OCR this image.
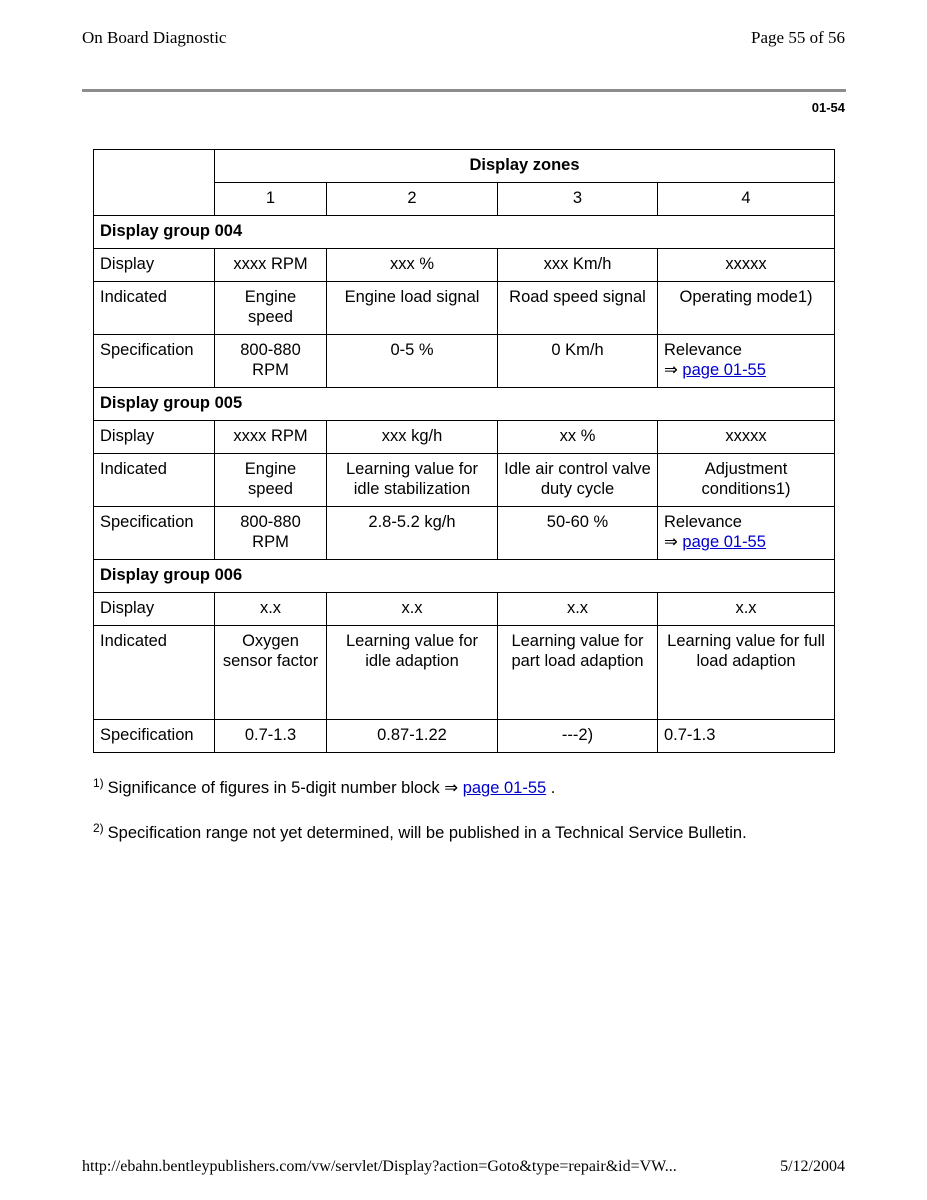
On Board Diagnostic	Page 55 of 56
01-54
	Display zones			
	1	2	3	4
Display group 004				
Display	xxxx RPM	xxx %	xxx Km/h	xxxxx
Indicated	Engine speed	Engine load signal	Road speed signal	Operating mode1)
Specification	800-880 RPM	0-5 %	0 Km/h	Relevance
⇒ page 01-55
Display group 005				
Display	xxxx RPM	xxx kg/h	xx %	xxxxx
Indicated	Engine speed	Learning value for idle stabilization	Idle air control valve duty cycle	Adjustment conditions1)
Specification	800-880 RPM	2.8-5.2 kg/h	50-60 %	Relevance
⇒ page 01-55
Display group 006				
Display	x.x	x.x	x.x	x.x
Indicated	Oxygen sensor factor	Learning value for idle adaption	Learning value for part load adaption	Learning value for full load adaption
Specification	0.7-1.3	0.87-1.22	---2)	0.7-1.3
$^{1)}$ Significance of figures in 5-digit number block ⇒ page 01-55 .
$^{2)}$ Specification range not yet determined, will be published in a Technical Service Bulletin.
http://ebahn.bentleypublishers.com/vw/servlet/Display?action=Goto&type=repair&id=VW...	5/12/2004
